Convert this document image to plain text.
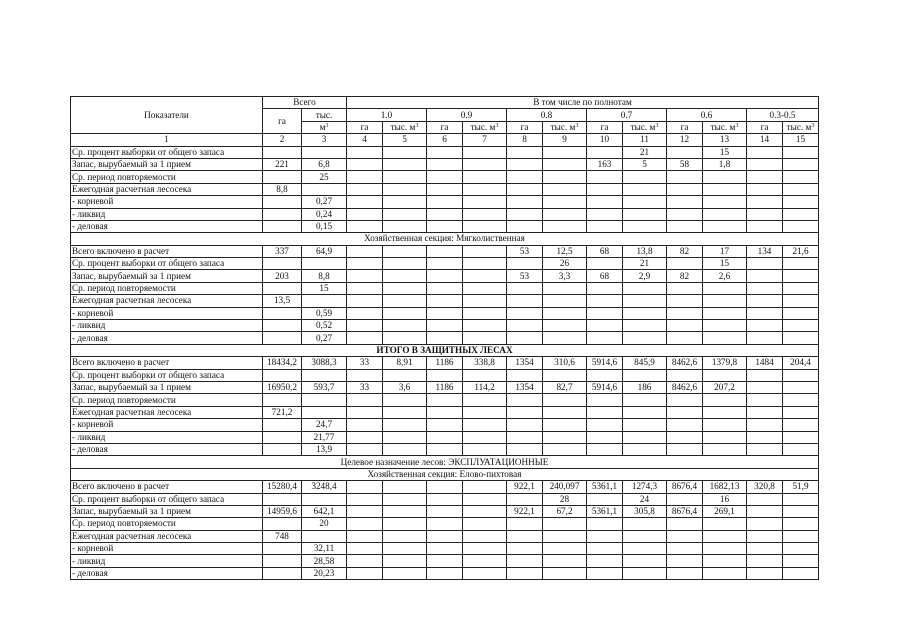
Показатели	Всего		В том числе по полнотам											
	га	тыс.	1.0		0.9		0.8		0.7		0.6		0.3-0.5	
		$м^3$	га	тыс. $м^3$	га	тыс. $м^3$	га	тыс. $м^3$	га	тыс. $м^3$	га	тыс. $м^3$	га	тыс. $м^3$
1	2	3	4	5	6	7	8	9	10	11	12	13	14	15
Ср. процент выборки от общего запаса										21		15		
Запас, вырубаемый за 1 прием	221	6,8							163	5	58	1,8		
Ср. период повторяемости		25												
Ежегодная расчетная лесосека	8,8													
- корневой		0,27												
- ликвид		0,24												
- деловая		0,15												
Хозяйственная секция: Мягколиственная														
Всего включено в расчет	337	64,9					53	12,5	68	13,8	82	17	134	21,6
Ср. процент выборки от общего запаса								26		21		15		
Запас, вырубаемый за 1 прием	203	8,8					53	3,3	68	2,9	82	2,6		
Ср. период повторяемости		15												
Ежегодная расчетная лесосека	13,5													
- корневой		0,59												
- ликвид		0,52												
- деловая		0,27												
ИТОГО В ЗАЩИТНЫХ ЛЕСАХ														
Всего включено в расчет	18434,2	3088,3	33	8,91	1186	338,8	1354	310,6	5914,6	845,9	8462,6	1379,8	1484	204,4
Ср. процент выборки от общего запаса														
Запас, вырубаемый за 1 прием	16950,2	593,7	33	3,6	1186	114,2	1354	82,7	5914,6	186	8462,6	207,2		
Ср. период повторяемости														
Ежегодная расчетная лесосека	721,2													
- корневой		24,7												
- ликвид		21,77												
- деловая		13,9												
Целевое назначение лесов: ЭКСПЛУАТАЦИОННЫЕ														
Хозяйственная секция: Елово-пихтовая														
Всего включено в расчет	15280,4	3248,4					922,1	240,097	5361,1	1274,3	8676,4	1682,13	320,8	51,9
Ср. процент выборки от общего запаса								28		24		16		
Запас, вырубаемый за 1 прием	14959,6	642,1					922,1	67,2	5361,1	305,8	8676,4	269,1		
Ср. период повторяемости		20												
Ежегодная расчетная лесосека	748													
- корневой		32,11												
- ликвид		28,58												
- деловая		20,23												
